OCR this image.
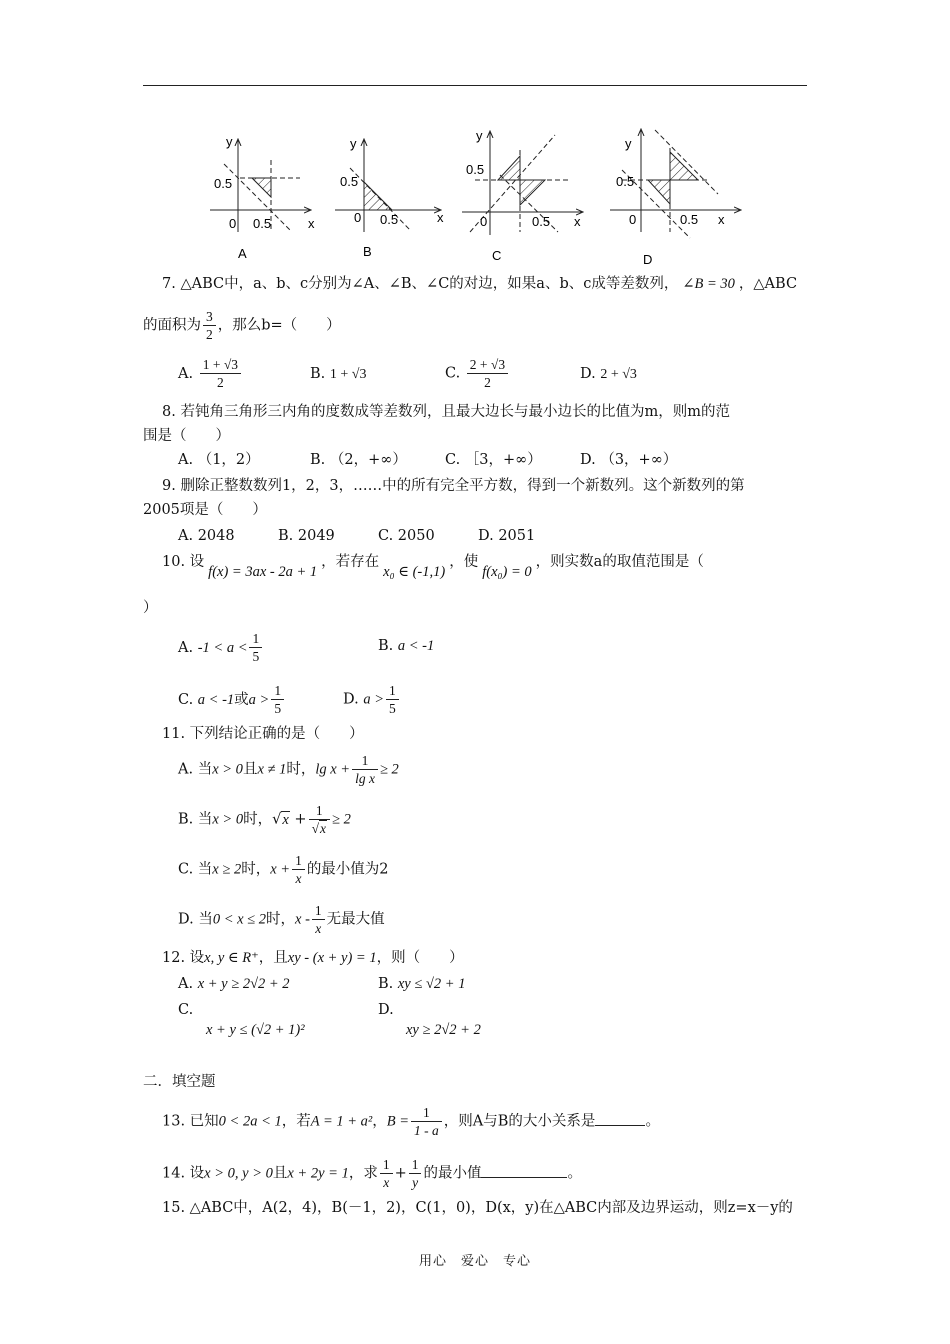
y
x
0
0.5
0.5
A
y
x
0
0.5
0.5
B
y
x
0
0.5
0.5
C
y
x
0
0.5
0.5
D
7. △ABC中，a、b、c分别为∠A、∠B、∠C的对边，如果a、b、c成等差数列， ∠B = 30 ，△ABC
的面积为 $\frac{3}{2}$ ，那么b=（　　）
A. $\frac{1 + √3}{2}$	B. 1 + √3	C. $\frac{2 + √3}{2}$	D. 2 + √3
8. 若钝角三角形三内角的度数成等差数列，且最大边长与最小边长的比值为m，则m的范
围是（　　）
A. （1，2）	B. （2，+∞）	C. ［3，+∞）	D. （3，+∞）
9. 删除正整数数列1，2，3，……中的所有完全平方数，得到一个新数列。这个新数列的第
2005项是（　　）
A. 2048	B. 2049	C. 2050	D. 2051
10. 设f(x) = 3ax - 2a + 1，若存在x₀ ∈ (-1,1)，使f(x₀) = 0，则实数a的取值范围是（
）
A. $-1 < a < \frac{1}{5}$	B. a < -1
C. a < -1或$a > \frac{1}{5}$	D. $a > \frac{1}{5}$
11. 下列结论正确的是（　　）
A. 当x > 0且x ≠ 1时，$\lg x + \frac{1}{\text{lg x}} \ge 2$
B. 当x > 0时，$√x + \frac{1}{√x} \ge 2$
C. 当x ≥ 2时，$x + \frac{1}{x}$ 的最小值为2
D. 当0 < x ≤ 2时，x - $\frac{1}{x}$ 无最大值
12. 设x, y ∈ R⁺，且xy - (x + y) = 1，则（　　）
A. x + y ≥ 2√2 + 2	B. xy ≤ √2 + 1
C.
x + y ≤ (√2 + 1)²
D.
xy ≥ 2√2 + 2
二．填空题
13. 已知0 < 2a < 1，若A = 1 + a²，$B = \frac{1}{1 - a}$ ，则A与B的大小关系是	。
14. 设x > 0, y > 0且x + 2y = 1，求 $\frac{1}{x} + \frac{1}{y}$ 的最小值	。
15. △ABC中，A(2，4)，B(－1，2)，C(1，0)，D(x，y)在△ABC内部及边界运动，则z=x－y的
用心　爱心　专心
